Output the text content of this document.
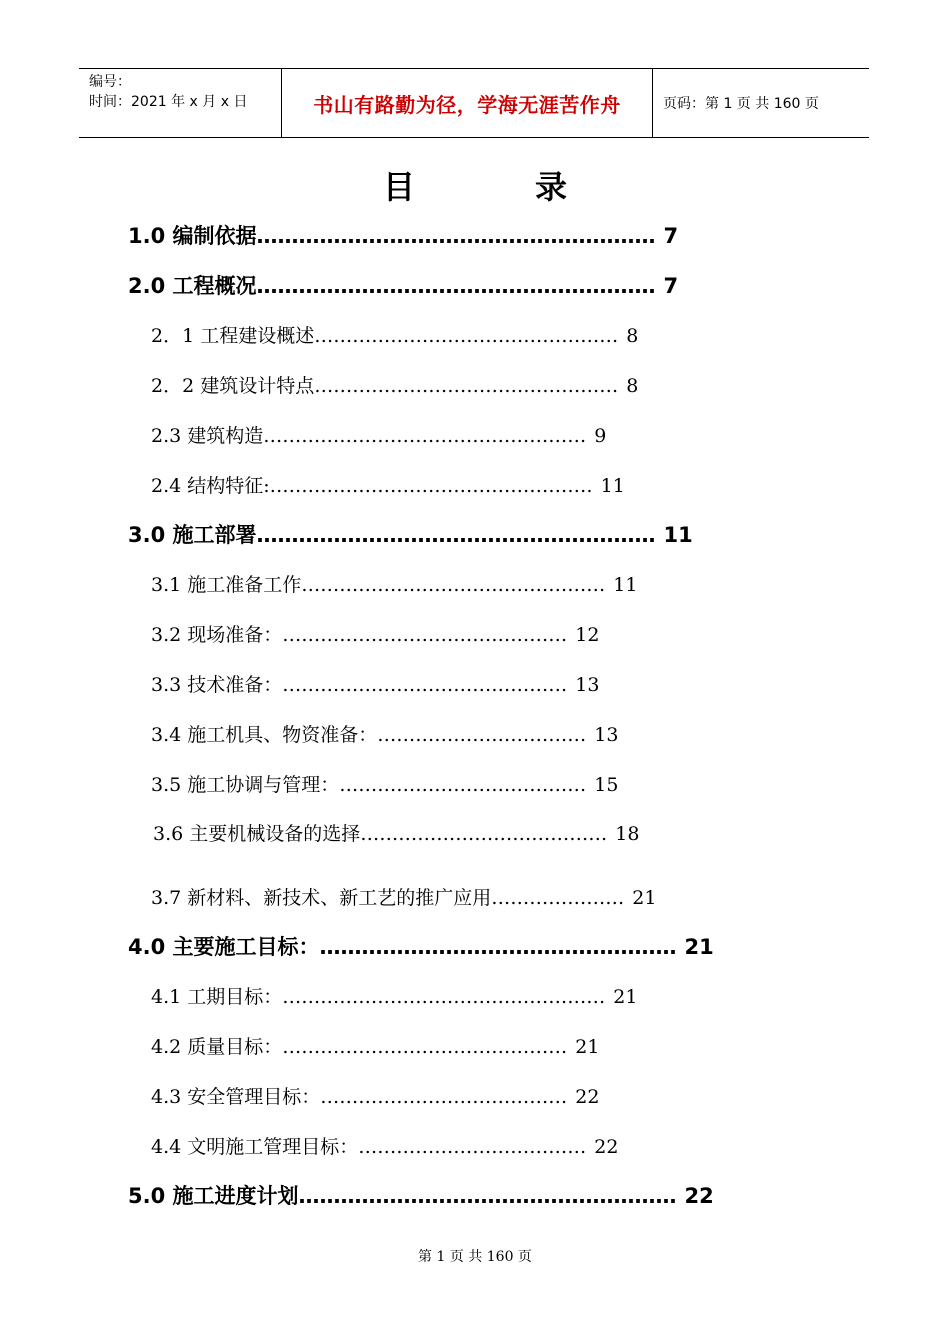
编号：
时间：2021 年 x 月 x 日	书山有路勤为径，学海无涯苦作舟	页码：第 1 页 共 160 页
目	录
1.0 编制依据………………………………………………… 7
2.0 工程概况………………………………………………… 7
2．1 工程建设概述………………………………………… 8
2．2 建筑设计特点………………………………………… 8
2.3 建筑构造…………………………………………… 9
2.4 结构特征:…………………………………………… 11
3.0 施工部署………………………………………………… 11
3.1 施工准备工作………………………………………… 11
3.2 现场准备：……………………………………… 12
3.3 技术准备：……………………………………… 13
3.4 施工机具、物资准备：…………………………… 13
3.5 施工协调与管理：………………………………… 15
3.6 主要机械设备的选择………………………………… 18
3.7 新材料、新技术、新工艺的推广应用………………… 21
4.0 主要施工目标：…………………………………………… 21
4.1 工期目标：…………………………………………… 21
4.2 质量目标：……………………………………… 21
4.3 安全管理目标：………………………………… 22
4.4 文明施工管理目标：……………………………… 22
5.0 施工进度计划……………………………………………… 22
第 1 页 共 160 页
